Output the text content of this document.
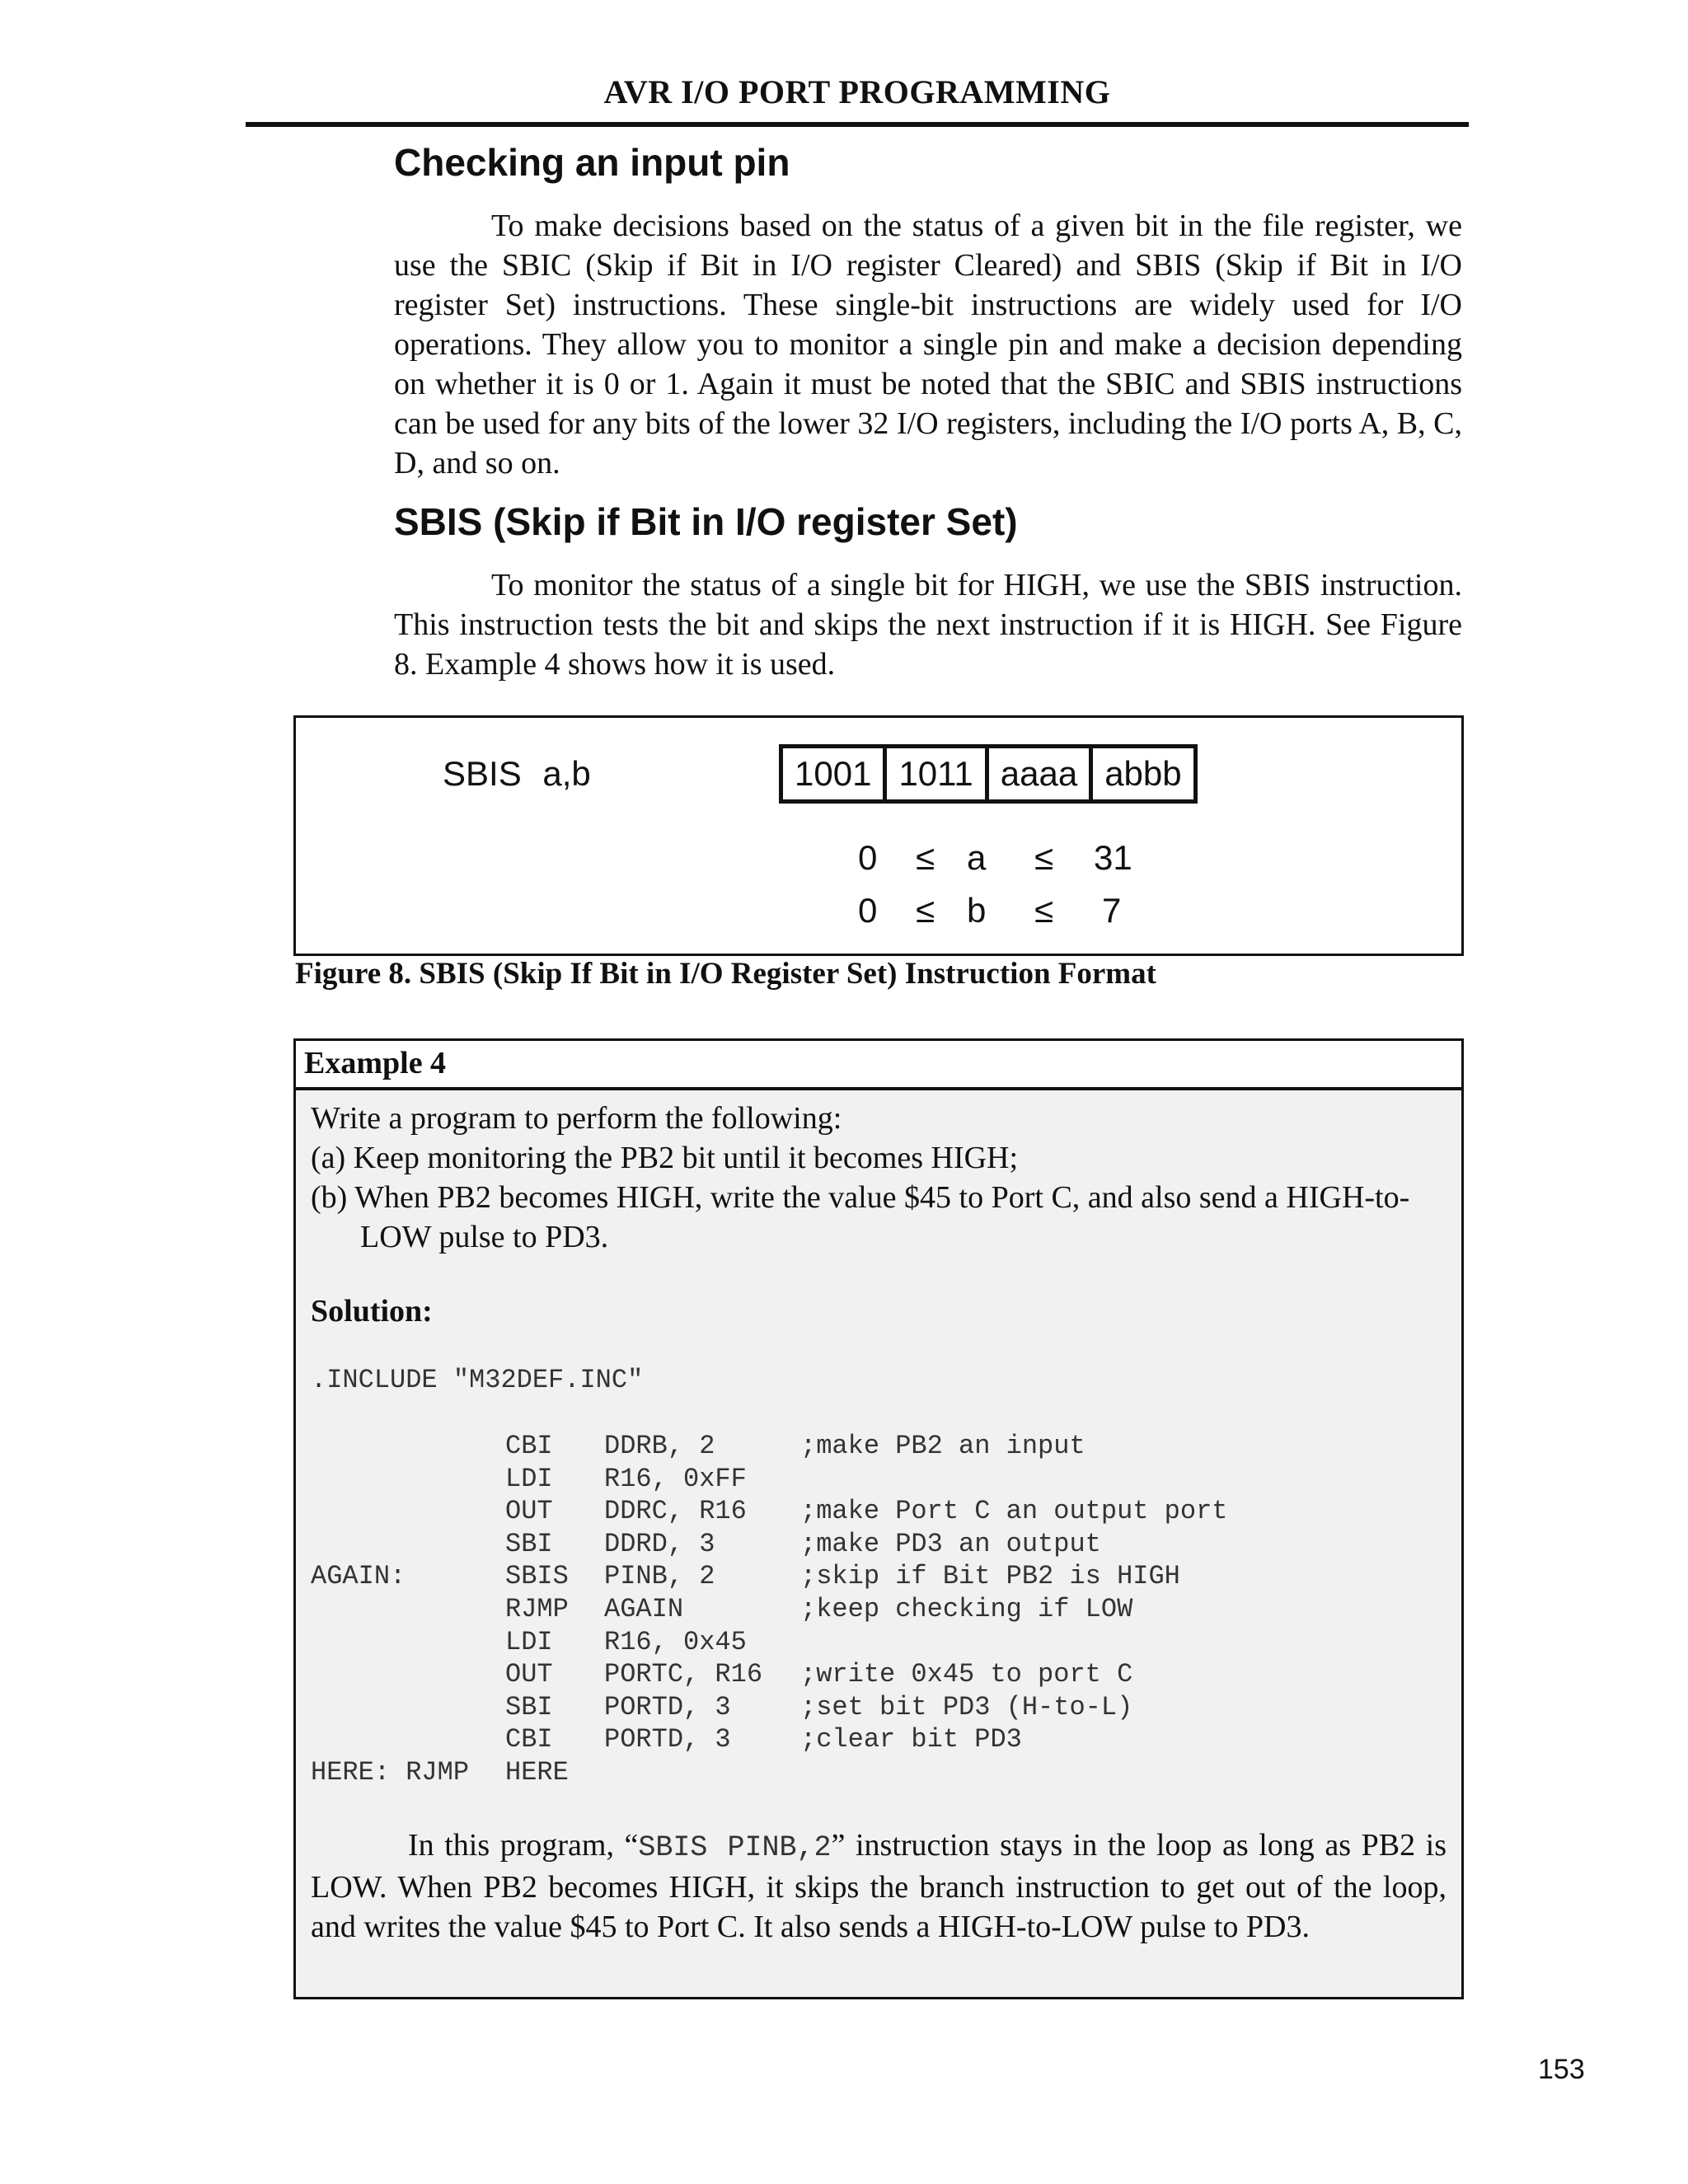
AVR I/O PORT PROGRAMMING
Checking an input pin
To make decisions based on the status of a given bit in the file register, we use the SBIC (Skip if Bit in I/O register Cleared) and SBIS (Skip if Bit in I/O register Set) instructions. These single-bit instructions are widely used for I/O operations. They allow you to monitor a single pin and make a decision depending on whether it is 0 or 1. Again it must be noted that the SBIC and SBIS instructions can be used for any bits of the lower 32 I/O registers, including the I/O ports A, B, C, D, and so on.
SBIS (Skip if Bit in I/O register Set)
To monitor the status of a single bit for HIGH, we use the SBIS instruction. This instruction tests the bit and skips the next instruction if it is HIGH. See Figure 8. Example 4 shows how it is used.
SBIS a,b	1001 1011 aaaa abbb
0 ≤ a ≤ 31
0 ≤ b ≤ 7
Figure 8. SBIS (Skip If Bit in I/O Register Set) Instruction Format
Example 4
Write a program to perform the following:
(a) Keep monitoring the PB2 bit until it becomes HIGH;
(b) When PB2 becomes HIGH, write the value $45 to Port C, and also send a HIGH-to-
LOW pulse to PD3.
Solution:
.INCLUDE "M32DEF.INC"
CBI DDRB, 2	;make PB2 an input
LDI R16, 0xFF
OUT DDRC, R16 ;make Port C an output port
SBI DDRD, 3	;make PD3 an output
AGAIN:	SBIS PINB, 2	;skip if Bit PB2 is HIGH
RJMP AGAIN	;keep checking if LOW
LDI R16, 0x45
OUT PORTC, R16 ;write 0x45 to port C
SBI PORTD, 3	;set bit PD3 (H-to-L)
CBI PORTD, 3	;clear bit PD3
HERE: RJMP HERE
In this program, “SBIS PINB,2” instruction stays in the loop as long as PB2 is LOW. When PB2 becomes HIGH, it skips the branch instruction to get out of the loop, and writes the value $45 to Port C. It also sends a HIGH-to-LOW pulse to PD3.
153
